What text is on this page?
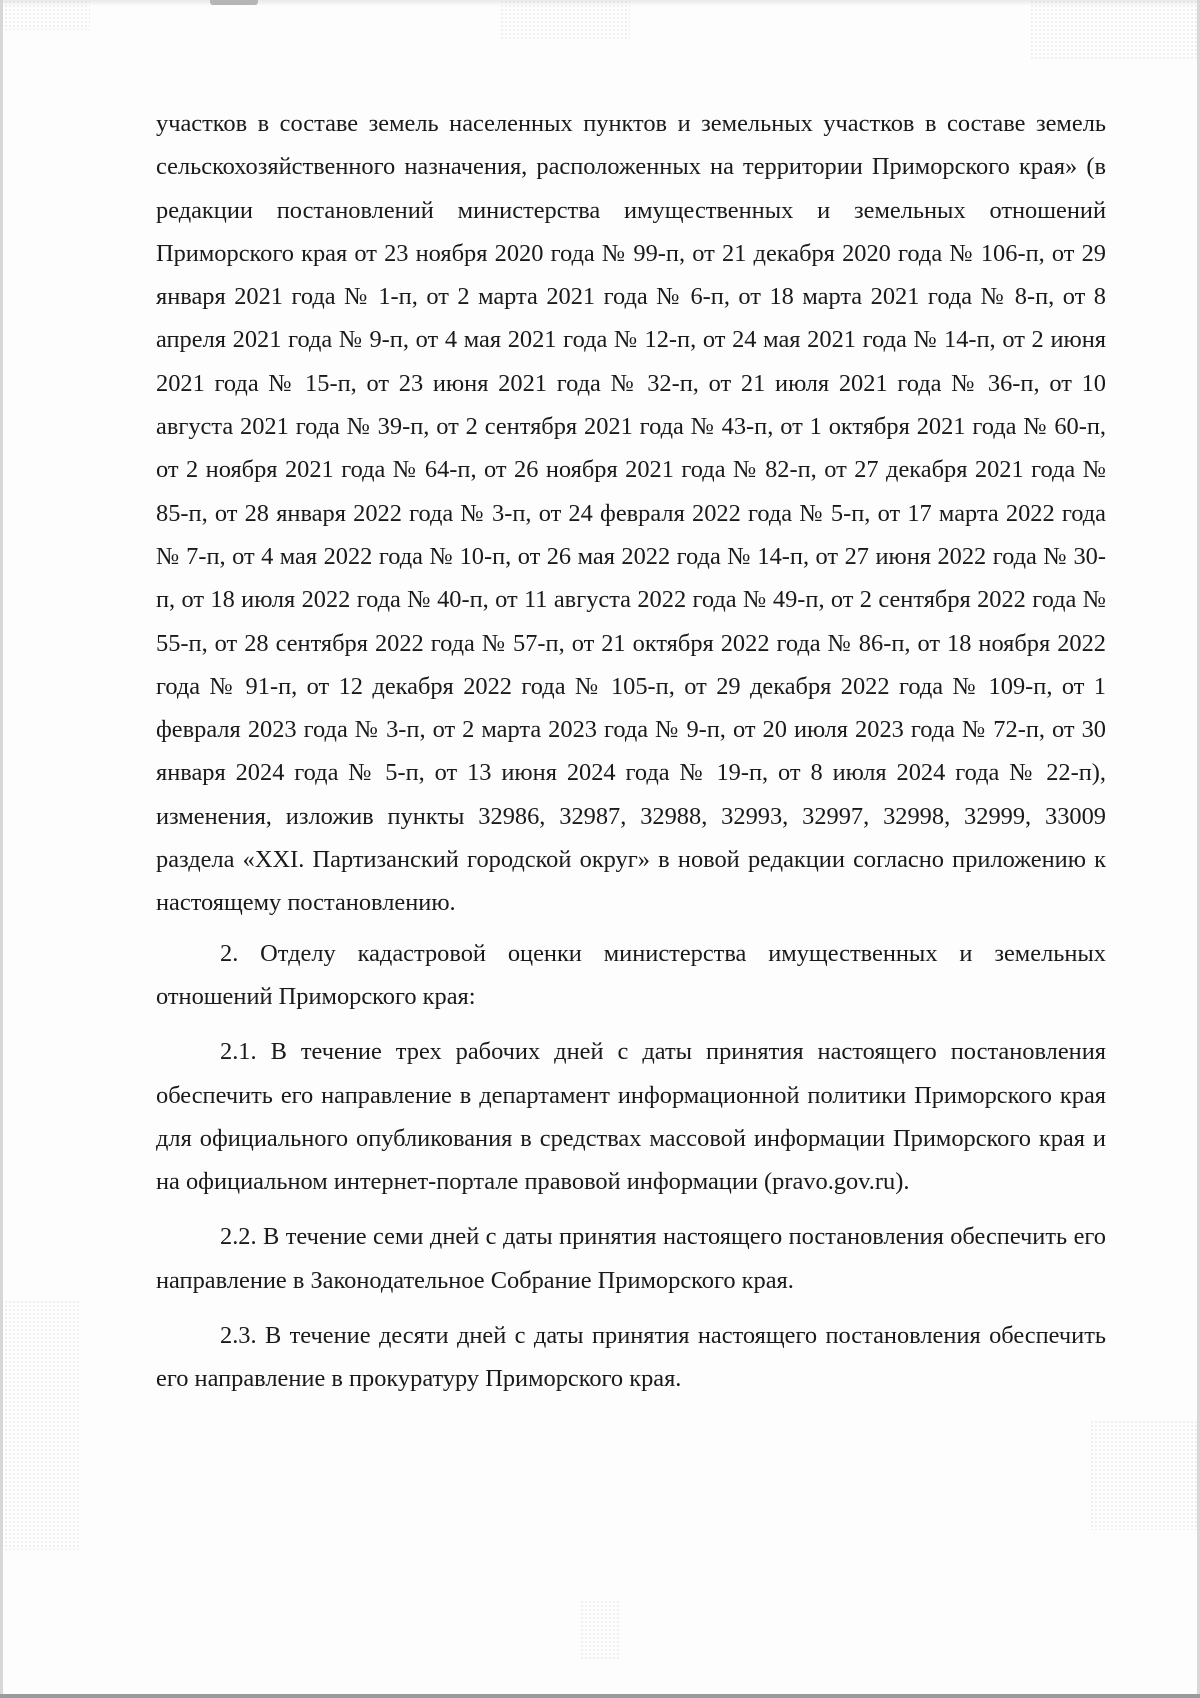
участков в составе земель населенных пунктов и земельных участков в составе земель сельскохозяйственного назначения, расположенных на территории Приморского края» (в редакции постановлений министерства имущественных и земельных отношений Приморского края от 23 ноября 2020 года № 99-п, от 21 декабря 2020 года № 106-п, от 29 января 2021 года № 1-п, от 2 марта 2021 года № 6-п, от 18 марта 2021 года № 8-п, от 8 апреля 2021 года № 9-п, от 4 мая 2021 года № 12-п, от 24 мая 2021 года № 14-п, от 2 июня 2021 года № 15-п, от 23 июня 2021 года № 32-п, от 21 июля 2021 года № 36-п, от 10 августа 2021 года № 39-п, от 2 сентября 2021 года № 43-п, от 1 октября 2021 года № 60-п, от 2 ноября 2021 года № 64-п, от 26 ноября 2021 года № 82-п, от 27 декабря 2021 года № 85-п, от 28 января 2022 года № 3-п, от 24 февраля 2022 года № 5-п, от 17 марта 2022 года № 7-п, от 4 мая 2022 года № 10-п, от 26 мая 2022 года № 14-п, от 27 июня 2022 года № 30-п, от 18 июля 2022 года № 40-п, от 11 августа 2022 года № 49-п, от 2 сентября 2022 года № 55-п, от 28 сентября 2022 года № 57-п, от 21 октября 2022 года № 86-п, от 18 ноября 2022 года № 91-п, от 12 декабря 2022 года № 105-п, от 29 декабря 2022 года № 109-п, от 1 февраля 2023 года № 3-п, от 2 марта 2023 года № 9-п, от 20 июля 2023 года № 72-п, от 30 января 2024 года № 5-п, от 13 июня 2024 года № 19-п, от 8 июля 2024 года № 22-п), изменения, изложив пункты 32986, 32987, 32988, 32993, 32997, 32998, 32999, 33009 раздела «XXI. Партизанский городской округ» в новой редакции согласно приложению к настоящему постановлению.

2. Отделу кадастровой оценки министерства имущественных и земельных отношений Приморского края:

2.1. В течение трех рабочих дней с даты принятия настоящего постановления обеспечить его направление в департамент информационной политики Приморского края для официального опубликования в средствах массовой информации Приморского края и на официальном интернет-портале правовой информации (pravo.gov.ru).

2.2. В течение семи дней с даты принятия настоящего постановления обеспечить его направление в Законодательное Собрание Приморского края.

2.3. В течение десяти дней с даты принятия настоящего постановления обеспечить его направление в прокуратуру Приморского края.
